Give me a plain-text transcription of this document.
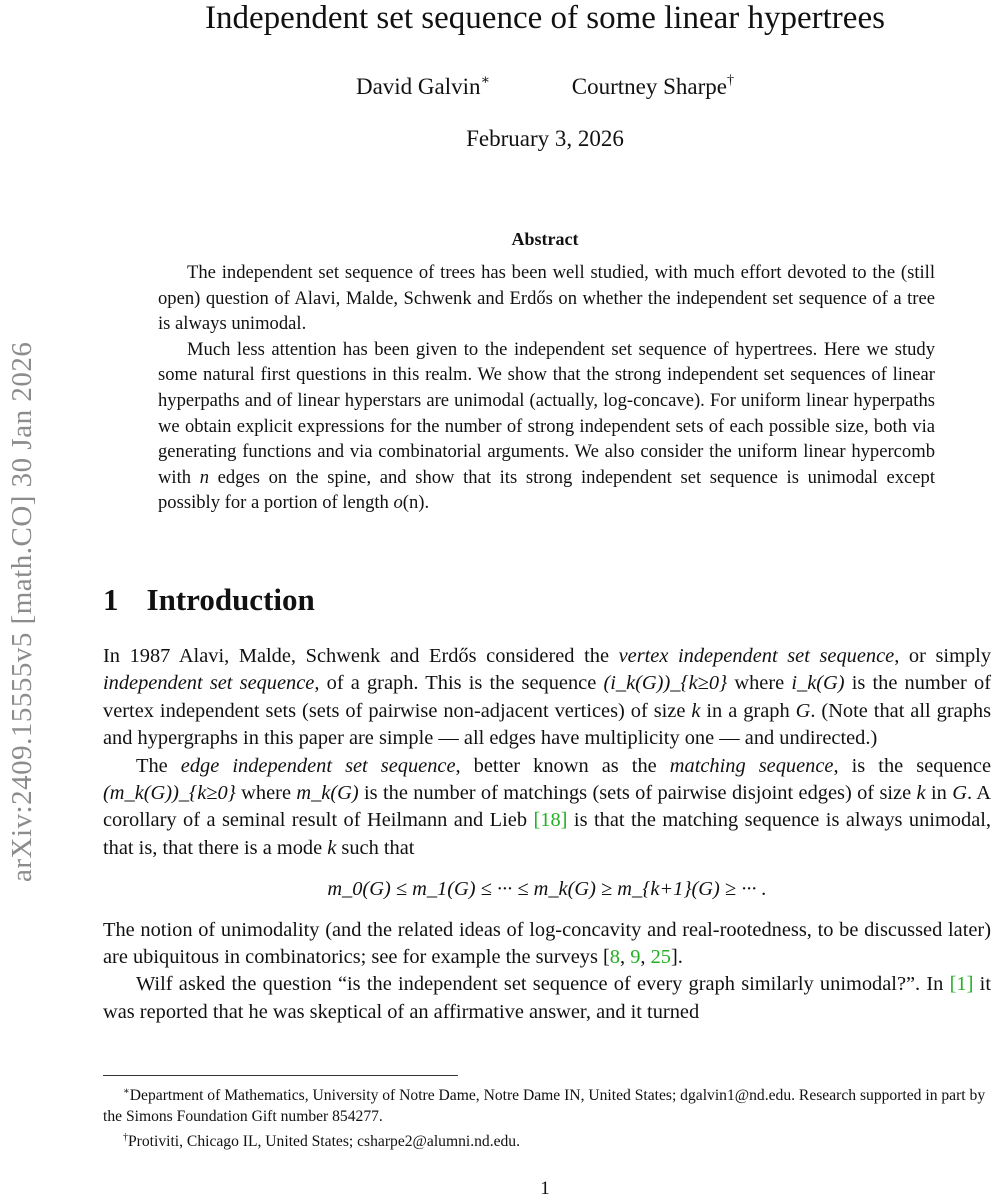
arXiv:2409.15555v5 [math.CO] 30 Jan 2026
Independent set sequence of some linear hypertrees
David Galvin∗	Courtney Sharpe†
February 3, 2026
Abstract

The independent set sequence of trees has been well studied, with much effort devoted to the (still open) question of Alavi, Malde, Schwenk and Erdős on whether the independent set sequence of a tree is always unimodal.

Much less attention has been given to the independent set sequence of hypertrees. Here we study some natural first questions in this realm. We show that the strong independent set sequences of linear hyperpaths and of linear hyperstars are unimodal (actually, log-concave). For uniform linear hyperpaths we obtain explicit expressions for the number of strong independent sets of each possible size, both via generating functions and via combinatorial arguments. We also consider the uniform linear hypercomb with n edges on the spine, and show that its strong independent set sequence is unimodal except possibly for a portion of length o(n).

1 Introduction

In 1987 Alavi, Malde, Schwenk and Erdős considered the vertex independent set sequence, or simply independent set sequence, of a graph. This is the sequence (i_k(G))_{k≥0} where i_k(G) is the number of vertex independent sets (sets of pairwise non-adjacent vertices) of size k in a graph G. (Note that all graphs and hypergraphs in this paper are simple — all edges have multiplicity one — and undirected.)

The edge independent set sequence, better known as the matching sequence, is the sequence (m_k(G))_{k≥0} where m_k(G) is the number of matchings (sets of pairwise disjoint edges) of size k in G. A corollary of a seminal result of Heilmann and Lieb [18] is that the matching sequence is always unimodal, that is, that there is a mode k such that

m_0(G) ≤ m_1(G) ≤ ··· ≤ m_k(G) ≥ m_{k+1}(G) ≥ ··· .

The notion of unimodality (and the related ideas of log-concavity and real-rootedness, to be discussed later) are ubiquitous in combinatorics; see for example the surveys [8, 9, 25].

Wilf asked the question “is the independent set sequence of every graph similarly unimodal?”. In [1] it was reported that he was skeptical of an affirmative answer, and it turned

∗Department of Mathematics, University of Notre Dame, Notre Dame IN, United States; dgalvin1@nd.edu. Research supported in part by the Simons Foundation Gift number 854277.

†Protiviti, Chicago IL, United States; csharpe2@alumni.nd.edu.

1
